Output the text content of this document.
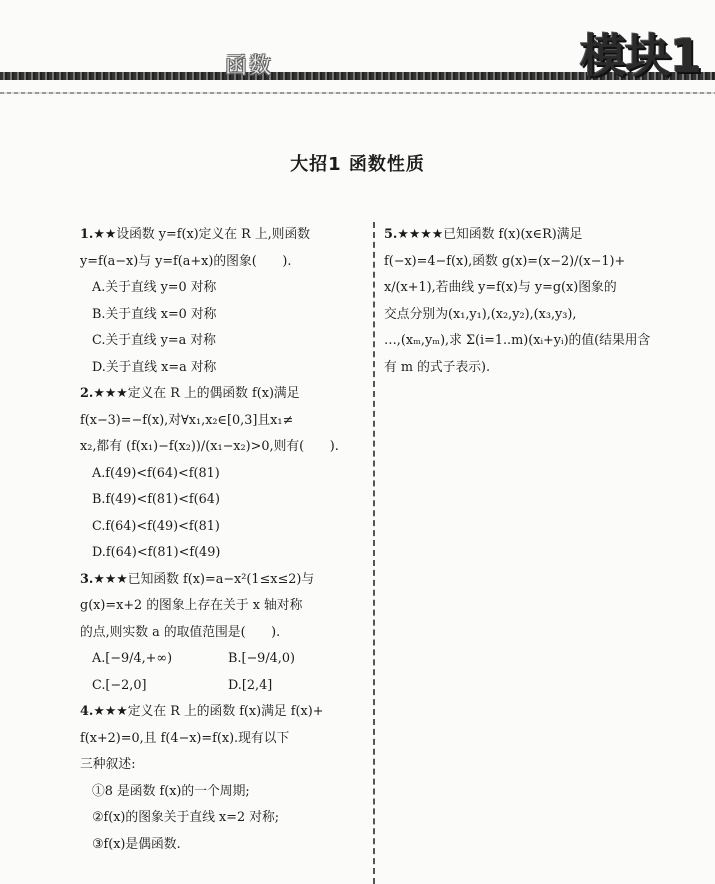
函数	模块1
大招1 函数性质

1.★★设函数 y=f(x)定义在 R 上,则函数

y=f(a−x)与 y=f(a+x)的图象(　　).

A.关于直线 y=0 对称

B.关于直线 x=0 对称

C.关于直线 y=a 对称

D.关于直线 x=a 对称

2.★★★定义在 R 上的偶函数 f(x)满足

f(x−3)=−f(x),对∀x₁,x₂∈[0,3]且x₁≠

x₂,都有 (f(x₁)−f(x₂))/(x₁−x₂)>0,则有(　　).

A.f(49)<f(64)<f(81)

B.f(49)<f(81)<f(64)

C.f(64)<f(49)<f(81)

D.f(64)<f(81)<f(49)

3.★★★已知函数 f(x)=a−x²(1≤x≤2)与

g(x)=x+2 的图象上存在关于 x 轴对称

的点,则实数 a 的取值范围是(　　).

A.[−9/4,+∞)	B.[−9/4,0)
C.[−2,0]	D.[2,4]

4.★★★定义在 R 上的函数 f(x)满足 f(x)+

f(x+2)=0,且 f(4−x)=f(x).现有以下

三种叙述:

①8 是函数 f(x)的一个周期;

②f(x)的图象关于直线 x=2 对称;

③f(x)是偶函数.

5.★★★★已知函数 f(x)(x∈R)满足

f(−x)=4−f(x),函数 g(x)=(x−2)/(x−1)+

x/(x+1),若曲线 y=f(x)与 y=g(x)图象的

交点分别为(x₁,y₁),(x₂,y₂),(x₃,y₃),

…,(xₘ,yₘ),求 Σ(i=1..m)(xᵢ+yᵢ)的值(结果用含

有 m 的式子表示).
